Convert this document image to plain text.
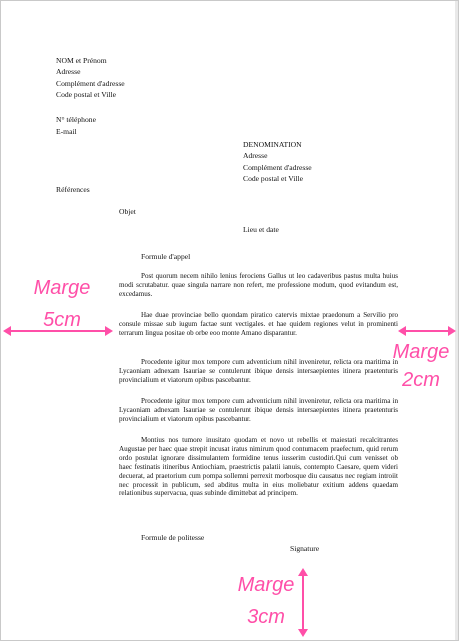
NOM et Prénom
Adresse
Complément d'adresse
Code postal et Ville
N° téléphone
E-mail
DENOMINATION
Adresse
Complément d'adresse
Code postal et Ville
Références
Objet
Lieu et date
Formule d'appel
Post quorum necem nihilo lenius ferociens Gallus ut leo cadaveribus pastus multa huius modi scrutabatur. quae singula narrare non refert, me professione modum, quod evitandum est, excedamus.
Hae duae provinciae bello quondam piratico catervis mixtae praedonum a Servilio pro consule missae sub iugum factae sunt vectigales. et hae quidem regiones velut in prominenti terrarum lingua positae ob orbe eoo monte Amano disparantur.
Procedente igitur mox tempore cum adventicium nihil inveniretur, relicta ora maritima in Lycaoniam adnexam Isauriae se contulerunt ibique densis intersaepientes itinera praetenturis provincialium et viatorum opibus pascebantur.
Procedente igitur mox tempore cum adventicium nihil inveniretur, relicta ora maritima in Lycaoniam adnexam Isauriae se contulerunt ibique densis intersaepientes itinera praetenturis provincialium et viatorum opibus pascebantur.
Montius nos tumore inusitato quodam et novo ut rebellis et maiestati recalcitrantes Augustae per haec quae strepit incusat iratus nimirum quod contumacem praefectum, quid rerum ordo postulat ignorare dissimulantem formidine tenus iusserim custodiri.Qui cum venisset ob haec festinatis itineribus Antiochiam, praestrictis palatii ianuis, contempto Caesare, quem videri decuerat, ad praetorium cum pompa sollemni perrexit morbosque diu causatus nec regiam introiit nec processit in publicum, sed abditus multa in eius moliebatur exitium addens quaedam relationibus supervacua, quas subinde dimittebat ad principem.
Formule de politesse
Signature
Marge
5cm
Marge
2cm
Marge
3cm
